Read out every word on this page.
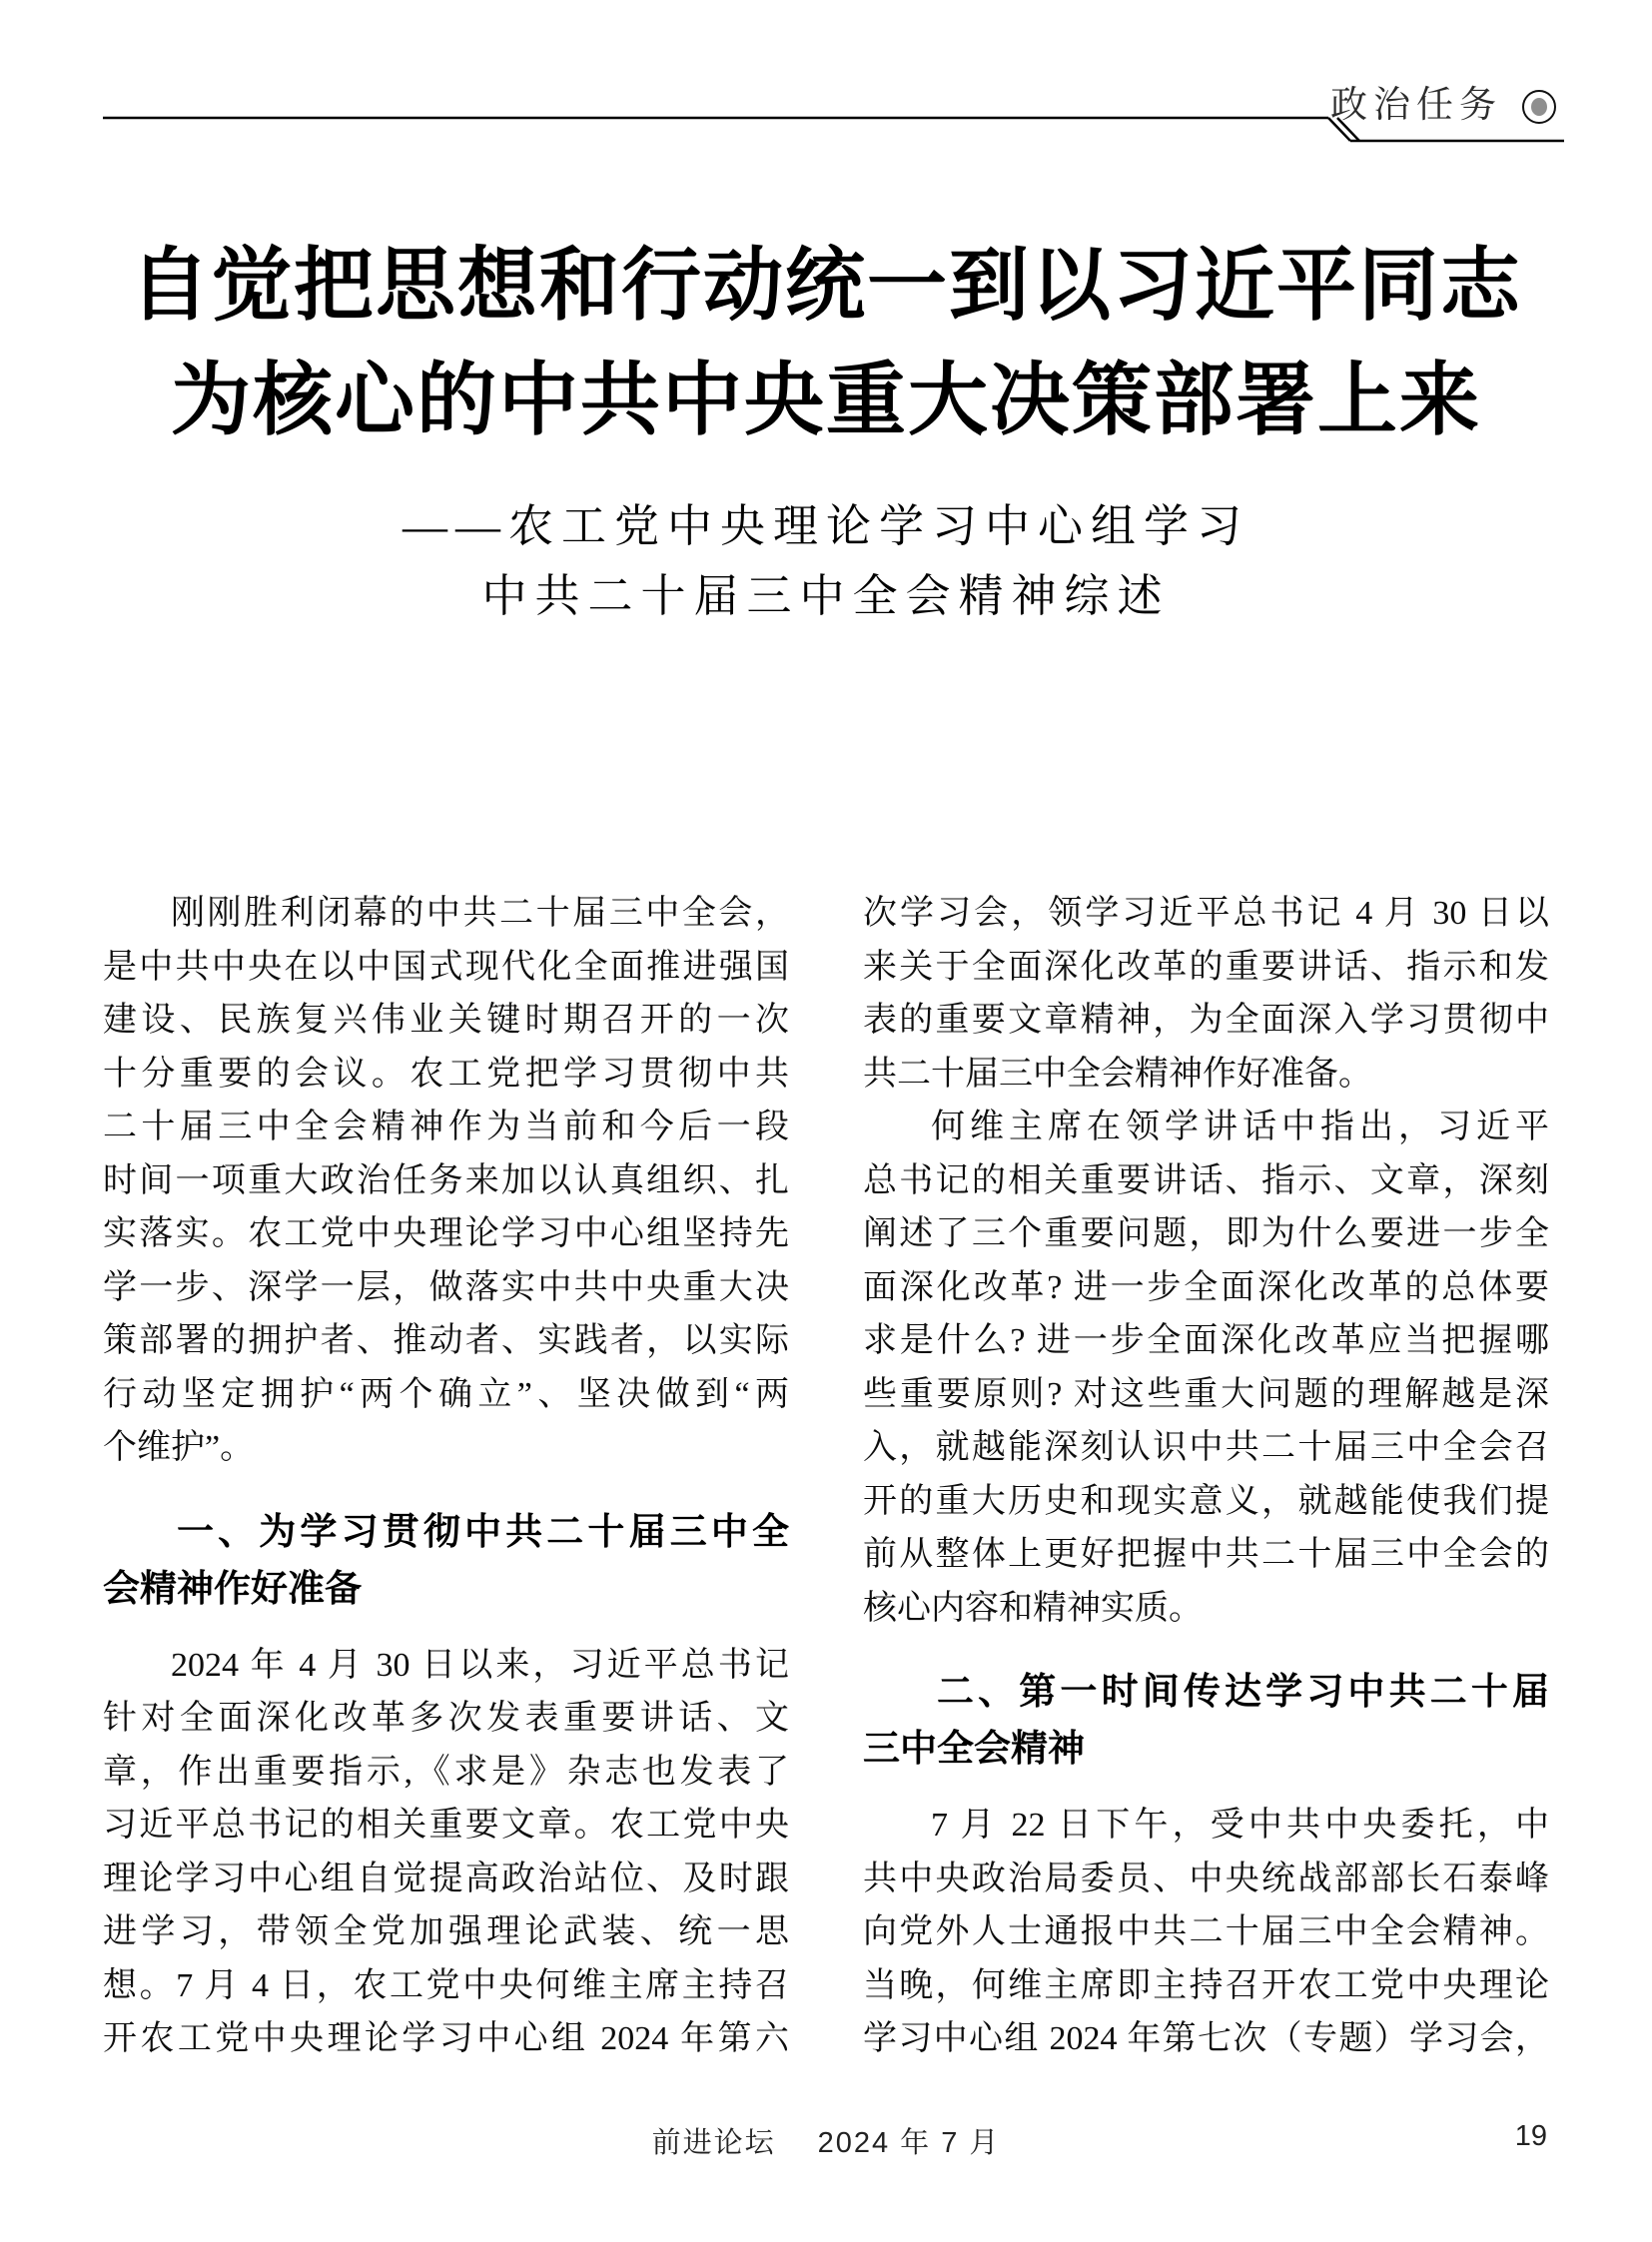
政治任务
自觉把思想和行动统一到以习近平同志
为核心的中共中央重大决策部署上来
——农工党中央理论学习中心组学习
中共二十届三中全会精神综述
刚刚胜利闭幕的中共二十届三中全会，
是中共中央在以中国式现代化全面推进强国
建设、民族复兴伟业关键时期召开的一次
十分重要的会议。农工党把学习贯彻中共
二十届三中全会精神作为当前和今后一段
时间一项重大政治任务来加以认真组织、扎
实落实。农工党中央理论学习中心组坚持先
学一步、深学一层，做落实中共中央重大决
策部署的拥护者、推动者、实践者，以实际
行动坚定拥护“两个确立”、坚决做到“两
个维护”。
一、为学习贯彻中共二十届三中全
会精神作好准备
2024 年 4 月 30 日以来，习近平总书记
针对全面深化改革多次发表重要讲话、文
章，作出重要指示,《求是》杂志也发表了
习近平总书记的相关重要文章。农工党中央
理论学习中心组自觉提高政治站位、及时跟
进学习，带领全党加强理论武装、统一思
想。7 月 4 日，农工党中央何维主席主持召
开农工党中央理论学习中心组 2024 年第六
次学习会，领学习近平总书记 4 月 30 日以
来关于全面深化改革的重要讲话、指示和发
表的重要文章精神，为全面深入学习贯彻中
共二十届三中全会精神作好准备。
何维主席在领学讲话中指出，习近平
总书记的相关重要讲话、指示、文章，深刻
阐述了三个重要问题，即为什么要进一步全
面深化改革? 进一步全面深化改革的总体要
求是什么? 进一步全面深化改革应当把握哪
些重要原则? 对这些重大问题的理解越是深
入，就越能深刻认识中共二十届三中全会召
开的重大历史和现实意义，就越能使我们提
前从整体上更好把握中共二十届三中全会的
核心内容和精神实质。
二、第一时间传达学习中共二十届
三中全会精神
7 月 22 日下午，受中共中央委托，中
共中央政治局委员、中央统战部部长石泰峰
向党外人士通报中共二十届三中全会精神。
当晚，何维主席即主持召开农工党中央理论
学习中心组 2024 年第七次（专题）学习会，
前进论坛 2024 年 7 月	19
